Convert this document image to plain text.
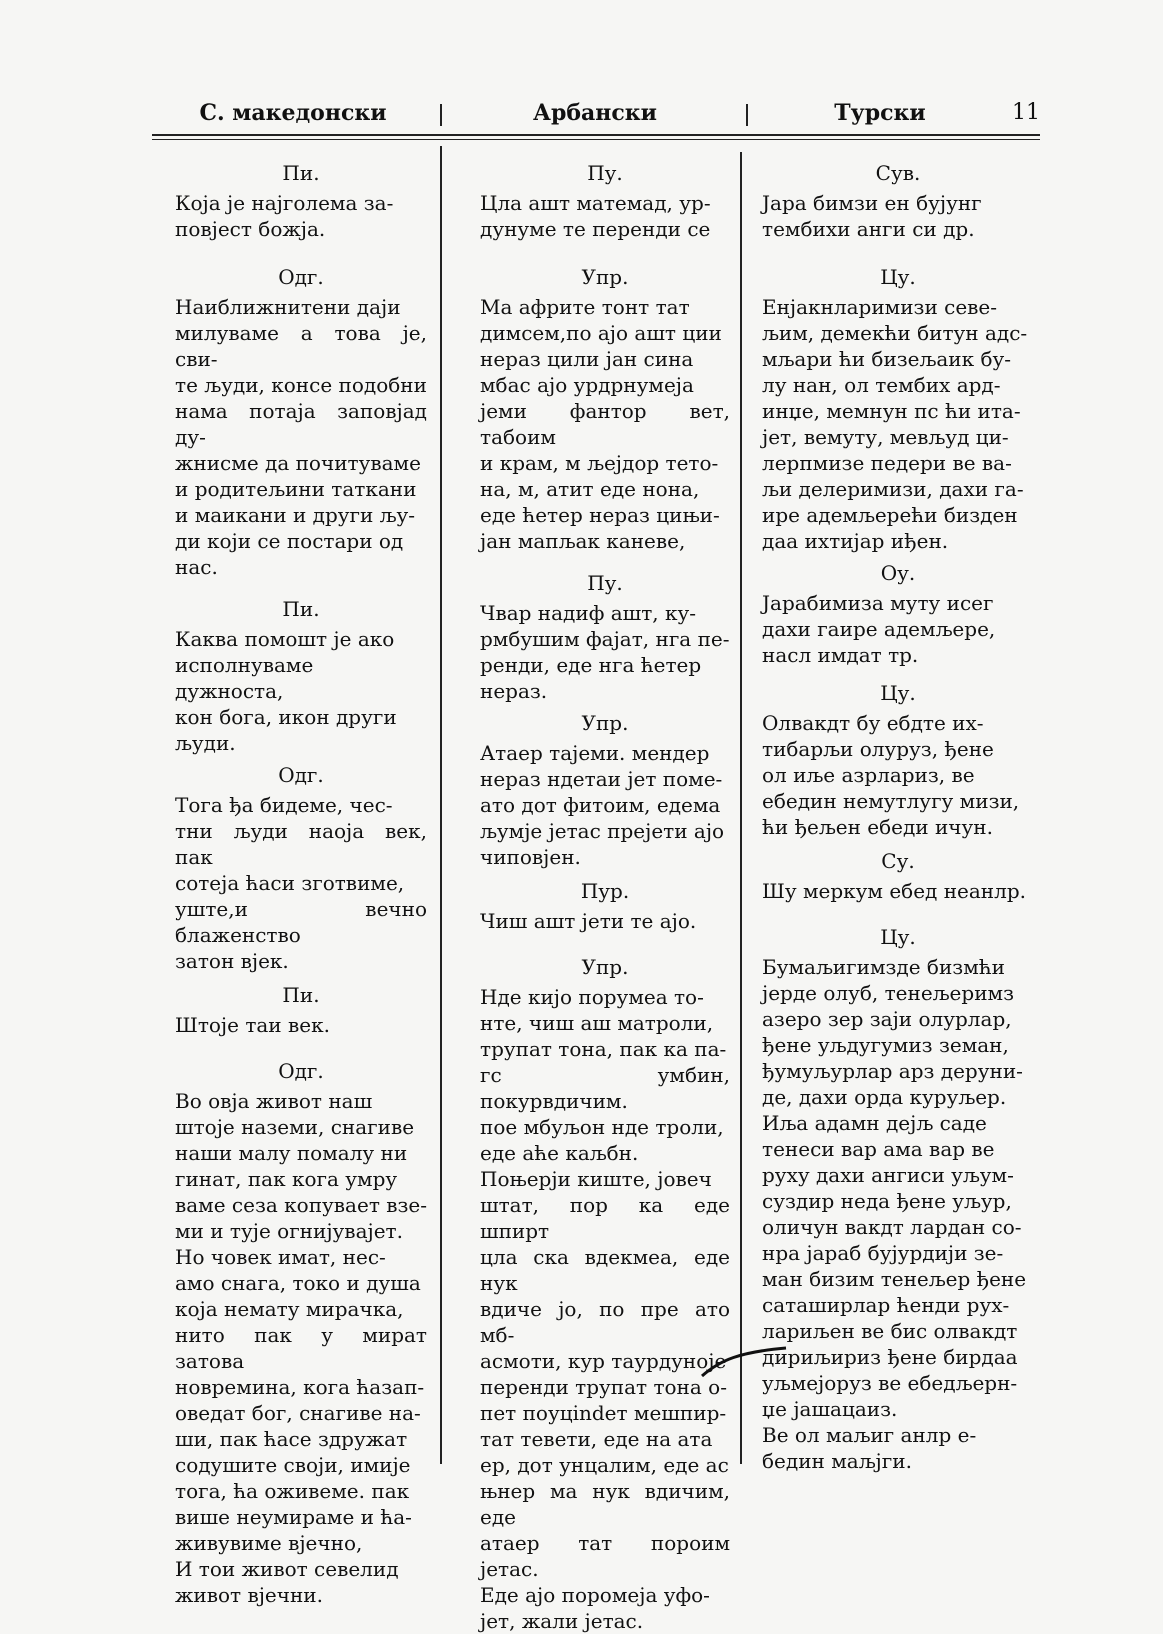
С. македонски	Арбански	Турски	11
Пи.
Која је најголема за-
повјест божја.
Одг.
Наиближнитени даји
милуваме а това је, сви-
те људи, консе подобни
нама потаја заповјад ду-
жнисме да почитуваме
и родитељини таткани
и маикани и други љу-
ди који се постари од
нас.
Пи.
Каква помошт је ако
исполнуваме дужноста,
кон бога, икон други
људи.
Одг.
Тога ђа бидеме, чес-
тни људи наоја век, пак
сотеја ћаси зготвиме,
уште,и вечно блаженство
затон вјек.
Пи.
Штоје таи век.
Одг.
Во овја живот наш
штоје наземи, снагиве
наши малу помалу ни
гинат, пак кога умру
ваме сеза копувает взе-
ми и тује огнијувајет.
Но човек имат, нес-
амо снага, токо и душа
која немату мирачка,
нито пак у мират затова
новремина, кога ћазап-
oведат бог, снагиве на-
ши, пак ћасе здружат
содушите своји, имије
тога, ћа оживеме. пак
више неумираме и ћа-
живувиме вјечно,
И тои живот севелид
живот вјечни.
Пу.
Цла ашт матемад, ур-
дунуме те перенди се
Упр.
Ма африте тонт тат
димсем,по ајо ашт ции
нераз цили јан сина
мбас ајо урдрнумеја
јеми фантор вет, табоим
и крам, м љејдор тето-
на, м, атит еде нона,
еде ћетер нераз цињи-
јан мапљак каневе,
Пу.
Чвар надиф ашт, ку-
рмбушим фајат, нга пе-
ренди, еде нга ћетер
нераз.
Упр.
Атаер тајеми. мендер
нераз ндетаи јет поме-
ато дот фитоим, едема
љумје јетас прејети ајо
чиповјен.
Пур.
Чиш ашт јети те ајо.
Упр.
Нде кијо порумеа то-
нте, чиш аш матроли,
трупат тона, пак ка па-
гс умбин, покурвдичим.
пое мбуљон нде троли,
еде аће каљбн.
Поњерји киште, јовеч
штат, пор ка еде шпирт
цла ска вдекмеа, еде нук
вдиче јо, по пре ато мб-
асмоти, кур таурдуноје
перенди трупат тона о-
пет поуцindет мешпир-
тат тевети, еде на ата
ер, дот унцалим, еде ас
њнер ма нук вдичим, еде
атаер тат пороим јетас.
Еде ајо поромеја уфо-
јет, жали јетас.
Сув.
Јара бимзи ен бујунг
тембихи анги си др.
Цу.
Енјакнларимизи севе-
љим, демекћи битун адс-
мљари ћи бизељаик бу-
лу нан, ол тембих ард-
инџе, мемнун пс ћи ита-
јет, вемуту, мевљуд ци-
лерпмизе педери ве ва-
љи делеримизи, дахи га-
ире адемљерећи бизден
даа ихтијар иђен.
Оу.
Јарабимиза муту исег
дахи гаире адемљере,
насл имдат тр.
Цу.
Олвакдт бу ебдте их-
тибарљи олуруз, ђене
ол иље азрлариз, ве
ебедин немутлугу мизи,
ћи ђељен ебеди ичун.
Су.
Шу меркум ебед неанлр.
Цу.
Бумаљигимзде бизмћи
јерде олуб, тенељеримз
азеро зер заји олурлар,
ђене уљдугумиз земан,
ђумуљурлар арз деруни-
де, дахи орда куруљер.
Иља адамн дејљ саде
тенеси вар ама вар ве
руху дахи ангиси уљум-
суздир неда ђене уљур,
оличун вакдт лардан со-
нра јараб бујурдији зе-
ман бизим тенељер ђене
саташирлар ћенди рух-
лариљен ве бис олвакдт
дириљириз ђене бирдаа
уљмејоруз ве ебедљерн-
џе јашацаиз.
Ве ол маљиг анлр е-
бедин маљјги.
